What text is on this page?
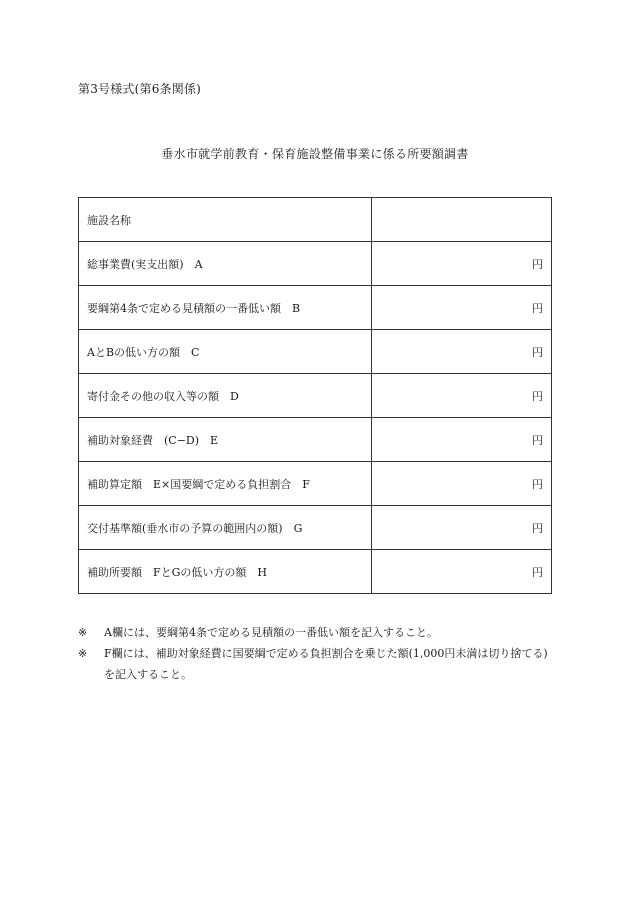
第3号様式(第6条関係)
垂水市就学前教育・保育施設整備事業に係る所要額調書
施設名称	
総事業費(実支出額)　A	円
要綱第4条で定める見積額の一番低い額　B	円
AとBの低い方の額　C	円
寄付金その他の収入等の額　D	円
補助対象経費　(C−D)　E	円
補助算定額　E×国要綱で定める負担割合　F	円
交付基準額(垂水市の予算の範囲内の額)　G	円
補助所要額　FとGの低い方の額　H	円
※	A欄には、要綱第4条で定める見積額の一番低い額を記入すること。
※	F欄には、補助対象経費に国要綱で定める負担割合を乗じた額(1,000円未満は切り捨てる)を記入すること。
